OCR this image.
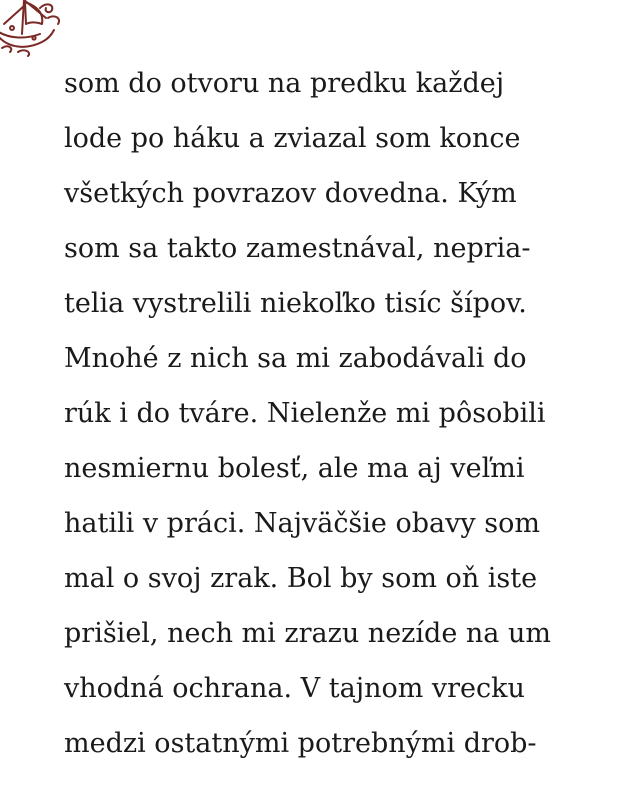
som do otvoru na predku každej
lode po háku a zviazal som konce
všetkých povrazov dovedna. Kým
som sa takto zamestnával, nepria-
telia vystrelili niekoľko tisíc šípov.
Mnohé z nich sa mi zabodávali do
rúk i do tváre. Nielenže mi pôsobili
nesmiernu bolesť, ale ma aj veľmi
hatili v práci. Najväčšie obavy som
mal o svoj zrak. Bol by som oň iste
prišiel, nech mi zrazu nezíde na um
vhodná ochrana. V tajnom vrecku
medzi ostatnými potrebnými drob-
